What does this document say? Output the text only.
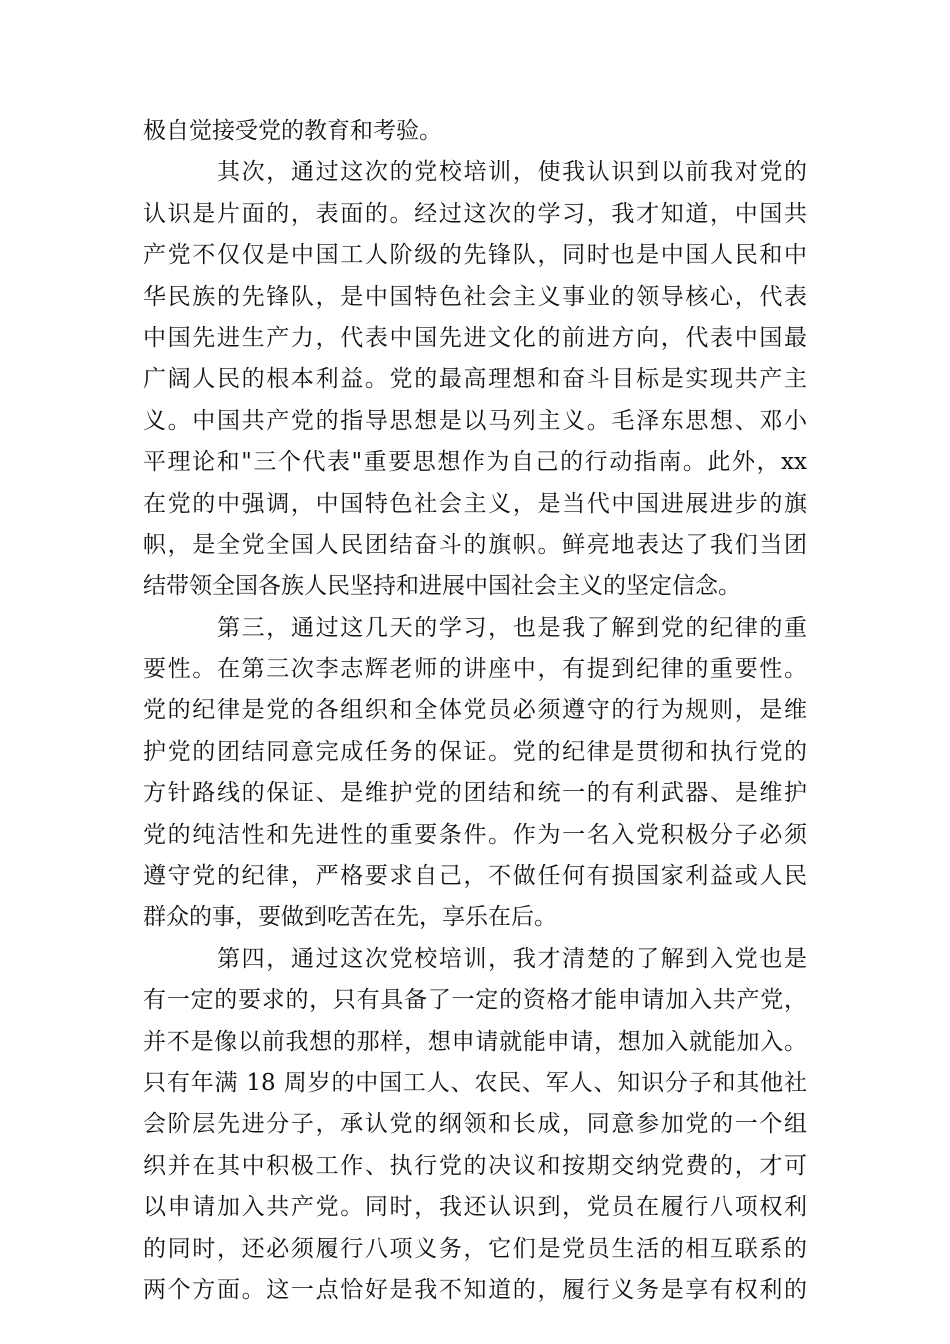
极自觉接受党的教育和考验。
其次，通过这次的党校培训，使我认识到以前我对党的
认识是片面的，表面的。经过这次的学习，我才知道，中国共
产党不仅仅是中国工人阶级的先锋队，同时也是中国人民和中
华民族的先锋队，是中国特色社会主义事业的领导核心，代表
中国先进生产力，代表中国先进文化的前进方向，代表中国最
广阔人民的根本利益。党的最高理想和奋斗目标是实现共产主
义。中国共产党的指导思想是以马列主义。毛泽东思想、邓小
平理论和"三个代表"重要思想作为自己的行动指南。此外，xx
在党的中强调，中国特色社会主义，是当代中国进展进步的旗
帜，是全党全国人民团结奋斗的旗帜。鲜亮地表达了我们当团
结带领全国各族人民坚持和进展中国社会主义的坚定信念。
第三，通过这几天的学习，也是我了解到党的纪律的重
要性。在第三次李志辉老师的讲座中，有提到纪律的重要性。
党的纪律是党的各组织和全体党员必须遵守的行为规则，是维
护党的团结同意完成任务的保证。党的纪律是贯彻和执行党的
方针路线的保证、是维护党的团结和统一的有利武器、是维护
党的纯洁性和先进性的重要条件。作为一名入党积极分子必须
遵守党的纪律，严格要求自己，不做任何有损国家利益或人民
群众的事，要做到吃苦在先，享乐在后。
第四，通过这次党校培训，我才清楚的了解到入党也是
有一定的要求的，只有具备了一定的资格才能申请加入共产党，
并不是像以前我想的那样，想申请就能申请，想加入就能加入。
只有年满 18 周岁的中国工人、农民、军人、知识分子和其他社
会阶层先进分子，承认党的纲领和长成，同意参加党的一个组
织并在其中积极工作、执行党的决议和按期交纳党费的，才可
以申请加入共产党。同时，我还认识到，党员在履行八项权利
的同时，还必须履行八项义务，它们是党员生活的相互联系的
两个方面。这一点恰好是我不知道的，履行义务是享有权利的
